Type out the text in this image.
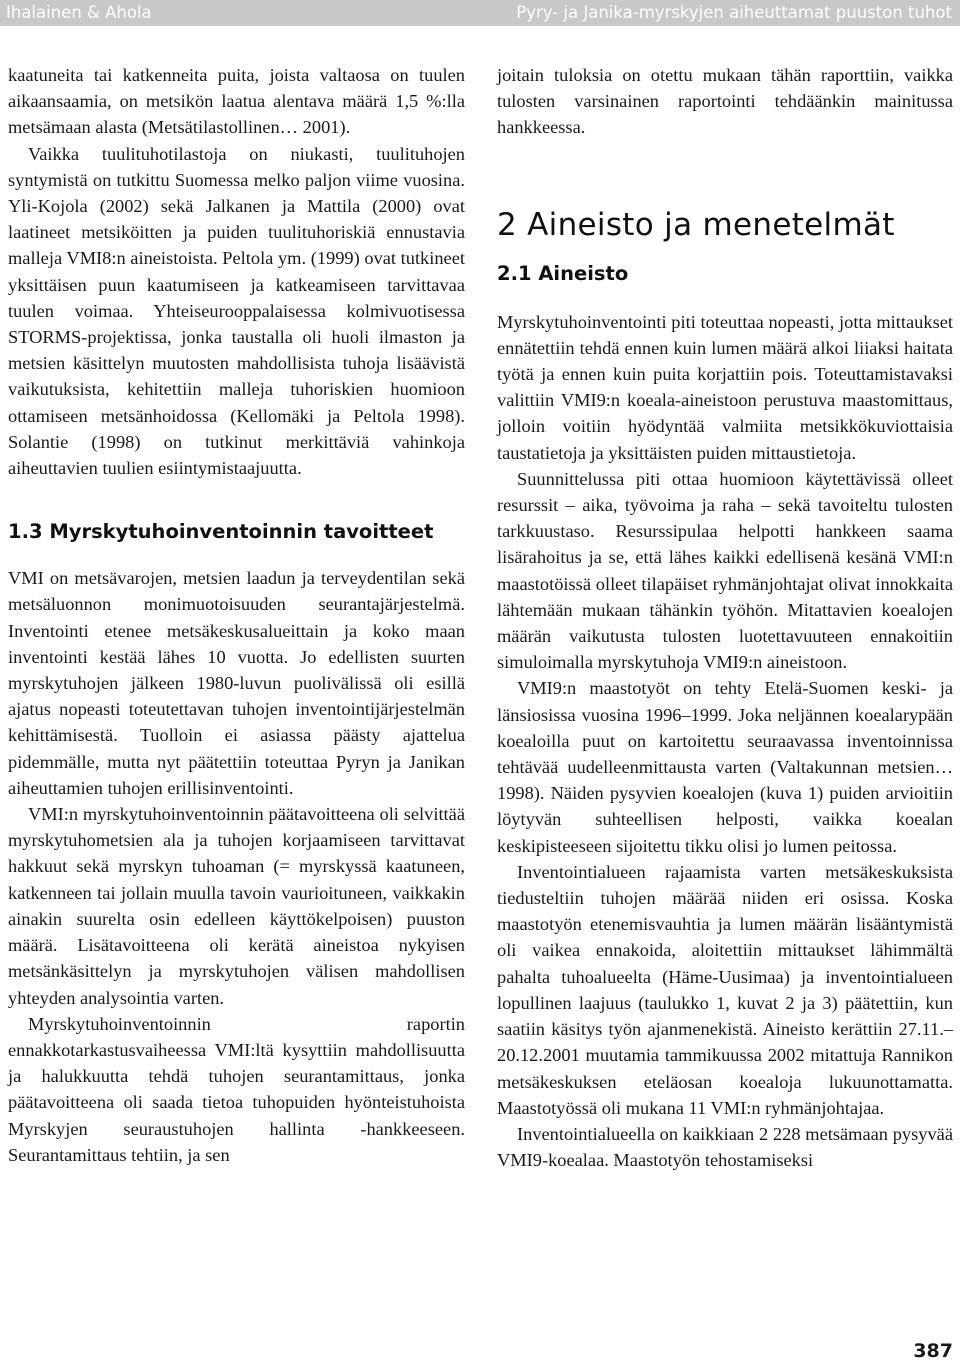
Ihalainen & Ahola	Pyry- ja Janika-myrskyjen aiheuttamat puuston tuhot

kaatuneita tai katkenneita puita, joista valtaosa on tuulen aikaansaamia, on metsikön laatua alentava määrä 1,5 %:lla metsämaan alasta (Metsätilastollinen… 2001).

Vaikka tuulituhotilastoja on niukasti, tuulituhojen syntymistä on tutkittu Suomessa melko paljon viime vuosina. Yli-Kojola (2002) sekä Jalkanen ja Mattila (2000) ovat laatineet metsiköitten ja puiden tuulituhoriskiä ennustavia malleja VMI8:n aineistoista. Peltola ym. (1999) ovat tutkineet yksittäisen puun kaatumiseen ja katkeamiseen tarvittavaa tuulen voimaa. Yhteiseurooppalaisessa kolmivuotisessa STORMS-projektissa, jonka taustalla oli huoli ilmaston ja metsien käsittelyn muutosten mahdollisista tuhoja lisäävistä vaikutuksista, kehitettiin malleja tuhoriskien huomioon ottamiseen metsänhoidossa (Kellomäki ja Peltola 1998). Solantie (1998) on tutkinut merkittäviä vahinkoja aiheuttavien tuulien esiintymistaajuutta.

1.3 Myrskytuhoinventoinnin tavoitteet

VMI on metsävarojen, metsien laadun ja terveydentilan sekä metsäluonnon monimuotoisuuden seurantajärjestelmä. Inventointi etenee metsäkeskusalueittain ja koko maan inventointi kestää lähes 10 vuotta. Jo edellisten suurten myrskytuhojen jälkeen 1980-luvun puolivälissä oli esillä ajatus nopeasti toteutettavan tuhojen inventointijärjestelmän kehittämisestä. Tuolloin ei asiassa päästy ajattelua pidemmälle, mutta nyt päätettiin toteuttaa Pyryn ja Janikan aiheuttamien tuhojen erillisinventointi.

VMI:n myrskytuhoinventoinnin päätavoitteena oli selvittää myrskytuhometsien ala ja tuhojen korjaamiseen tarvittavat hakkuut sekä myrskyn tuhoaman (= myrskyssä kaatuneen, katkenneen tai jollain muulla tavoin vaurioituneen, vaikkakin ainakin suurelta osin edelleen käyttökelpoisen) puuston määrä. Lisätavoitteena oli kerätä aineistoa nykyisen metsänkäsittelyn ja myrskytuhojen välisen mahdollisen yhteyden analysointia varten.

Myrskytuhoinventoinnin raportin ennakkotarkastusvaiheessa VMI:ltä kysyttiin mahdollisuutta ja halukkuutta tehdä tuhojen seurantamittaus, jonka päätavoitteena oli saada tietoa tuhopuiden hyönteistuhoista Myrskyjen seuraustuhojen hallinta -hankkeeseen. Seurantamittaus tehtiin, ja sen

joitain tuloksia on otettu mukaan tähän raporttiin, vaikka tulosten varsinainen raportointi tehdäänkin mainitussa hankkeessa.

2 Aineisto ja menetelmät
2.1 Aineisto

Myrskytuhoinventointi piti toteuttaa nopeasti, jotta mittaukset ennätettiin tehdä ennen kuin lumen määrä alkoi liiaksi haitata työtä ja ennen kuin puita korjattiin pois. Toteuttamistavaksi valittiin VMI9:n koeala-aineistoon perustuva maastomittaus, jolloin voitiin hyödyntää valmiita metsikkökuviottaisia taustatietoja ja yksittäisten puiden mittaustietoja.

Suunnittelussa piti ottaa huomioon käytettävissä olleet resurssit – aika, työvoima ja raha – sekä tavoiteltu tulosten tarkkuustaso. Resurssipulaa helpotti hankkeen saama lisärahoitus ja se, että lähes kaikki edellisenä kesänä VMI:n maastotöissä olleet tilapäiset ryhmänjohtajat olivat innokkaita lähtemään mukaan tähänkin työhön. Mitattavien koealojen määrän vaikutusta tulosten luotettavuuteen ennakoitiin simuloimalla myrskytuhoja VMI9:n aineistoon.

VMI9:n maastotyöt on tehty Etelä-Suomen keski- ja länsiosissa vuosina 1996–1999. Joka neljännen koealarypään koealoilla puut on kartoitettu seuraavassa inventoinnissa tehtävää uudelleenmittausta varten (Valtakunnan metsien… 1998). Näiden pysyvien koealojen (kuva 1) puiden arvioitiin löytyvän suhteellisen helposti, vaikka koealan keskipisteeseen sijoitettu tikku olisi jo lumen peitossa.

Inventointialueen rajaamista varten metsäkeskuksista tiedusteltiin tuhojen määrää niiden eri osissa. Koska maastotyön etenemisvauhtia ja lumen määrän lisääntymistä oli vaikea ennakoida, aloitettiin mittaukset lähimmältä pahalta tuhoalueelta (Häme-Uusimaa) ja inventointialueen lopullinen laajuus (taulukko 1, kuvat 2 ja 3) päätettiin, kun saatiin käsitys työn ajanmenekistä. Aineisto kerättiin 27.11.–20.12.2001 muutamia tammikuussa 2002 mitattuja Rannikon metsäkeskuksen eteläosan koealoja lukuunottamatta. Maastotyössä oli mukana 11 VMI:n ryhmänjohtajaa.

Inventointialueella on kaikkiaan 2 228 metsämaan pysyvää VMI9-koealaa. Maastotyön tehostamiseksi

387
